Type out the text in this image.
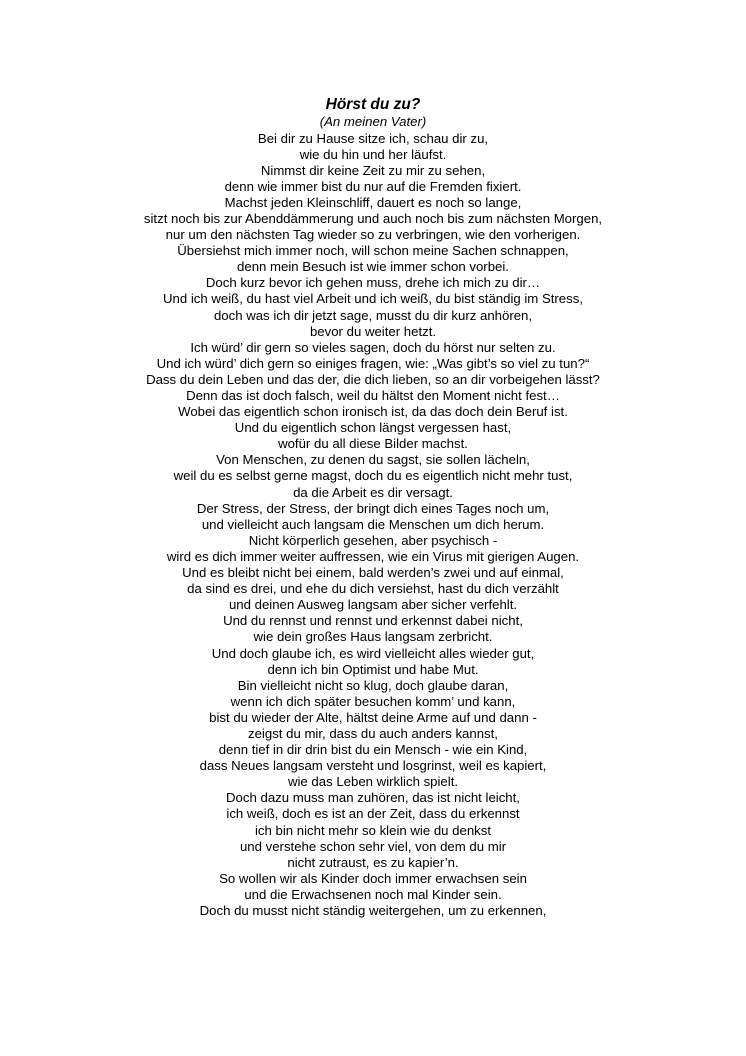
Hörst du zu?

(An meinen Vater)

Bei dir zu Hause sitze ich, schau dir zu,
wie du hin und her läufst.
Nimmst dir keine Zeit zu mir zu sehen,
denn wie immer bist du nur auf die Fremden fixiert.
Machst jeden Kleinschliff, dauert es noch so lange,
sitzt noch bis zur Abenddämmerung und auch noch bis zum nächsten Morgen,
nur um den nächsten Tag wieder so zu verbringen, wie den vorherigen.
Übersiehst mich immer noch, will schon meine Sachen schnappen,
denn mein Besuch ist wie immer schon vorbei.
Doch kurz bevor ich gehen muss, drehe ich mich zu dir…
Und ich weiß, du hast viel Arbeit und ich weiß, du bist ständig im Stress,
doch was ich dir jetzt sage, musst du dir kurz anhören,
bevor du weiter hetzt.
Ich würd’ dir gern so vieles sagen, doch du hörst nur selten zu.
Und ich würd’ dich gern so einiges fragen, wie: „Was gibt’s so viel zu tun?“
Dass du dein Leben und das der, die dich lieben, so an dir vorbeigehen lässt?
Denn das ist doch falsch, weil du hältst den Moment nicht fest…
Wobei das eigentlich schon ironisch ist, da das doch dein Beruf ist.
Und du eigentlich schon längst vergessen hast,
wofür du all diese Bilder machst.
Von Menschen, zu denen du sagst, sie sollen lächeln,
weil du es selbst gerne magst, doch du es eigentlich nicht mehr tust,
da die Arbeit es dir versagt.
Der Stress, der Stress, der bringt dich eines Tages noch um,
und vielleicht auch langsam die Menschen um dich herum.
Nicht körperlich gesehen, aber psychisch -
wird es dich immer weiter auffressen, wie ein Virus mit gierigen Augen.
Und es bleibt nicht bei einem, bald werden’s zwei und auf einmal,
da sind es drei, und ehe du dich versiehst, hast du dich verzählt
und deinen Ausweg langsam aber sicher verfehlt.
Und du rennst und rennst und erkennst dabei nicht,
wie dein großes Haus langsam zerbricht.
Und doch glaube ich, es wird vielleicht alles wieder gut,
denn ich bin Optimist und habe Mut.
Bin vielleicht nicht so klug, doch glaube daran,
wenn ich dich später besuchen komm’ und kann,
bist du wieder der Alte, hältst deine Arme auf und dann -
zeigst du mir, dass du auch anders kannst,
denn tief in dir drin bist du ein Mensch - wie ein Kind,
dass Neues langsam versteht und losgrinst, weil es kapiert,
wie das Leben wirklich spielt.
Doch dazu muss man zuhören, das ist nicht leicht,
ich weiß, doch es ist an der Zeit, dass du erkennst
ich bin nicht mehr so klein wie du denkst
und verstehe schon sehr viel, von dem du mir
nicht zutraust, es zu kapier’n.
So wollen wir als Kinder doch immer erwachsen sein
und die Erwachsenen noch mal Kinder sein.
Doch du musst nicht ständig weitergehen, um zu erkennen,
